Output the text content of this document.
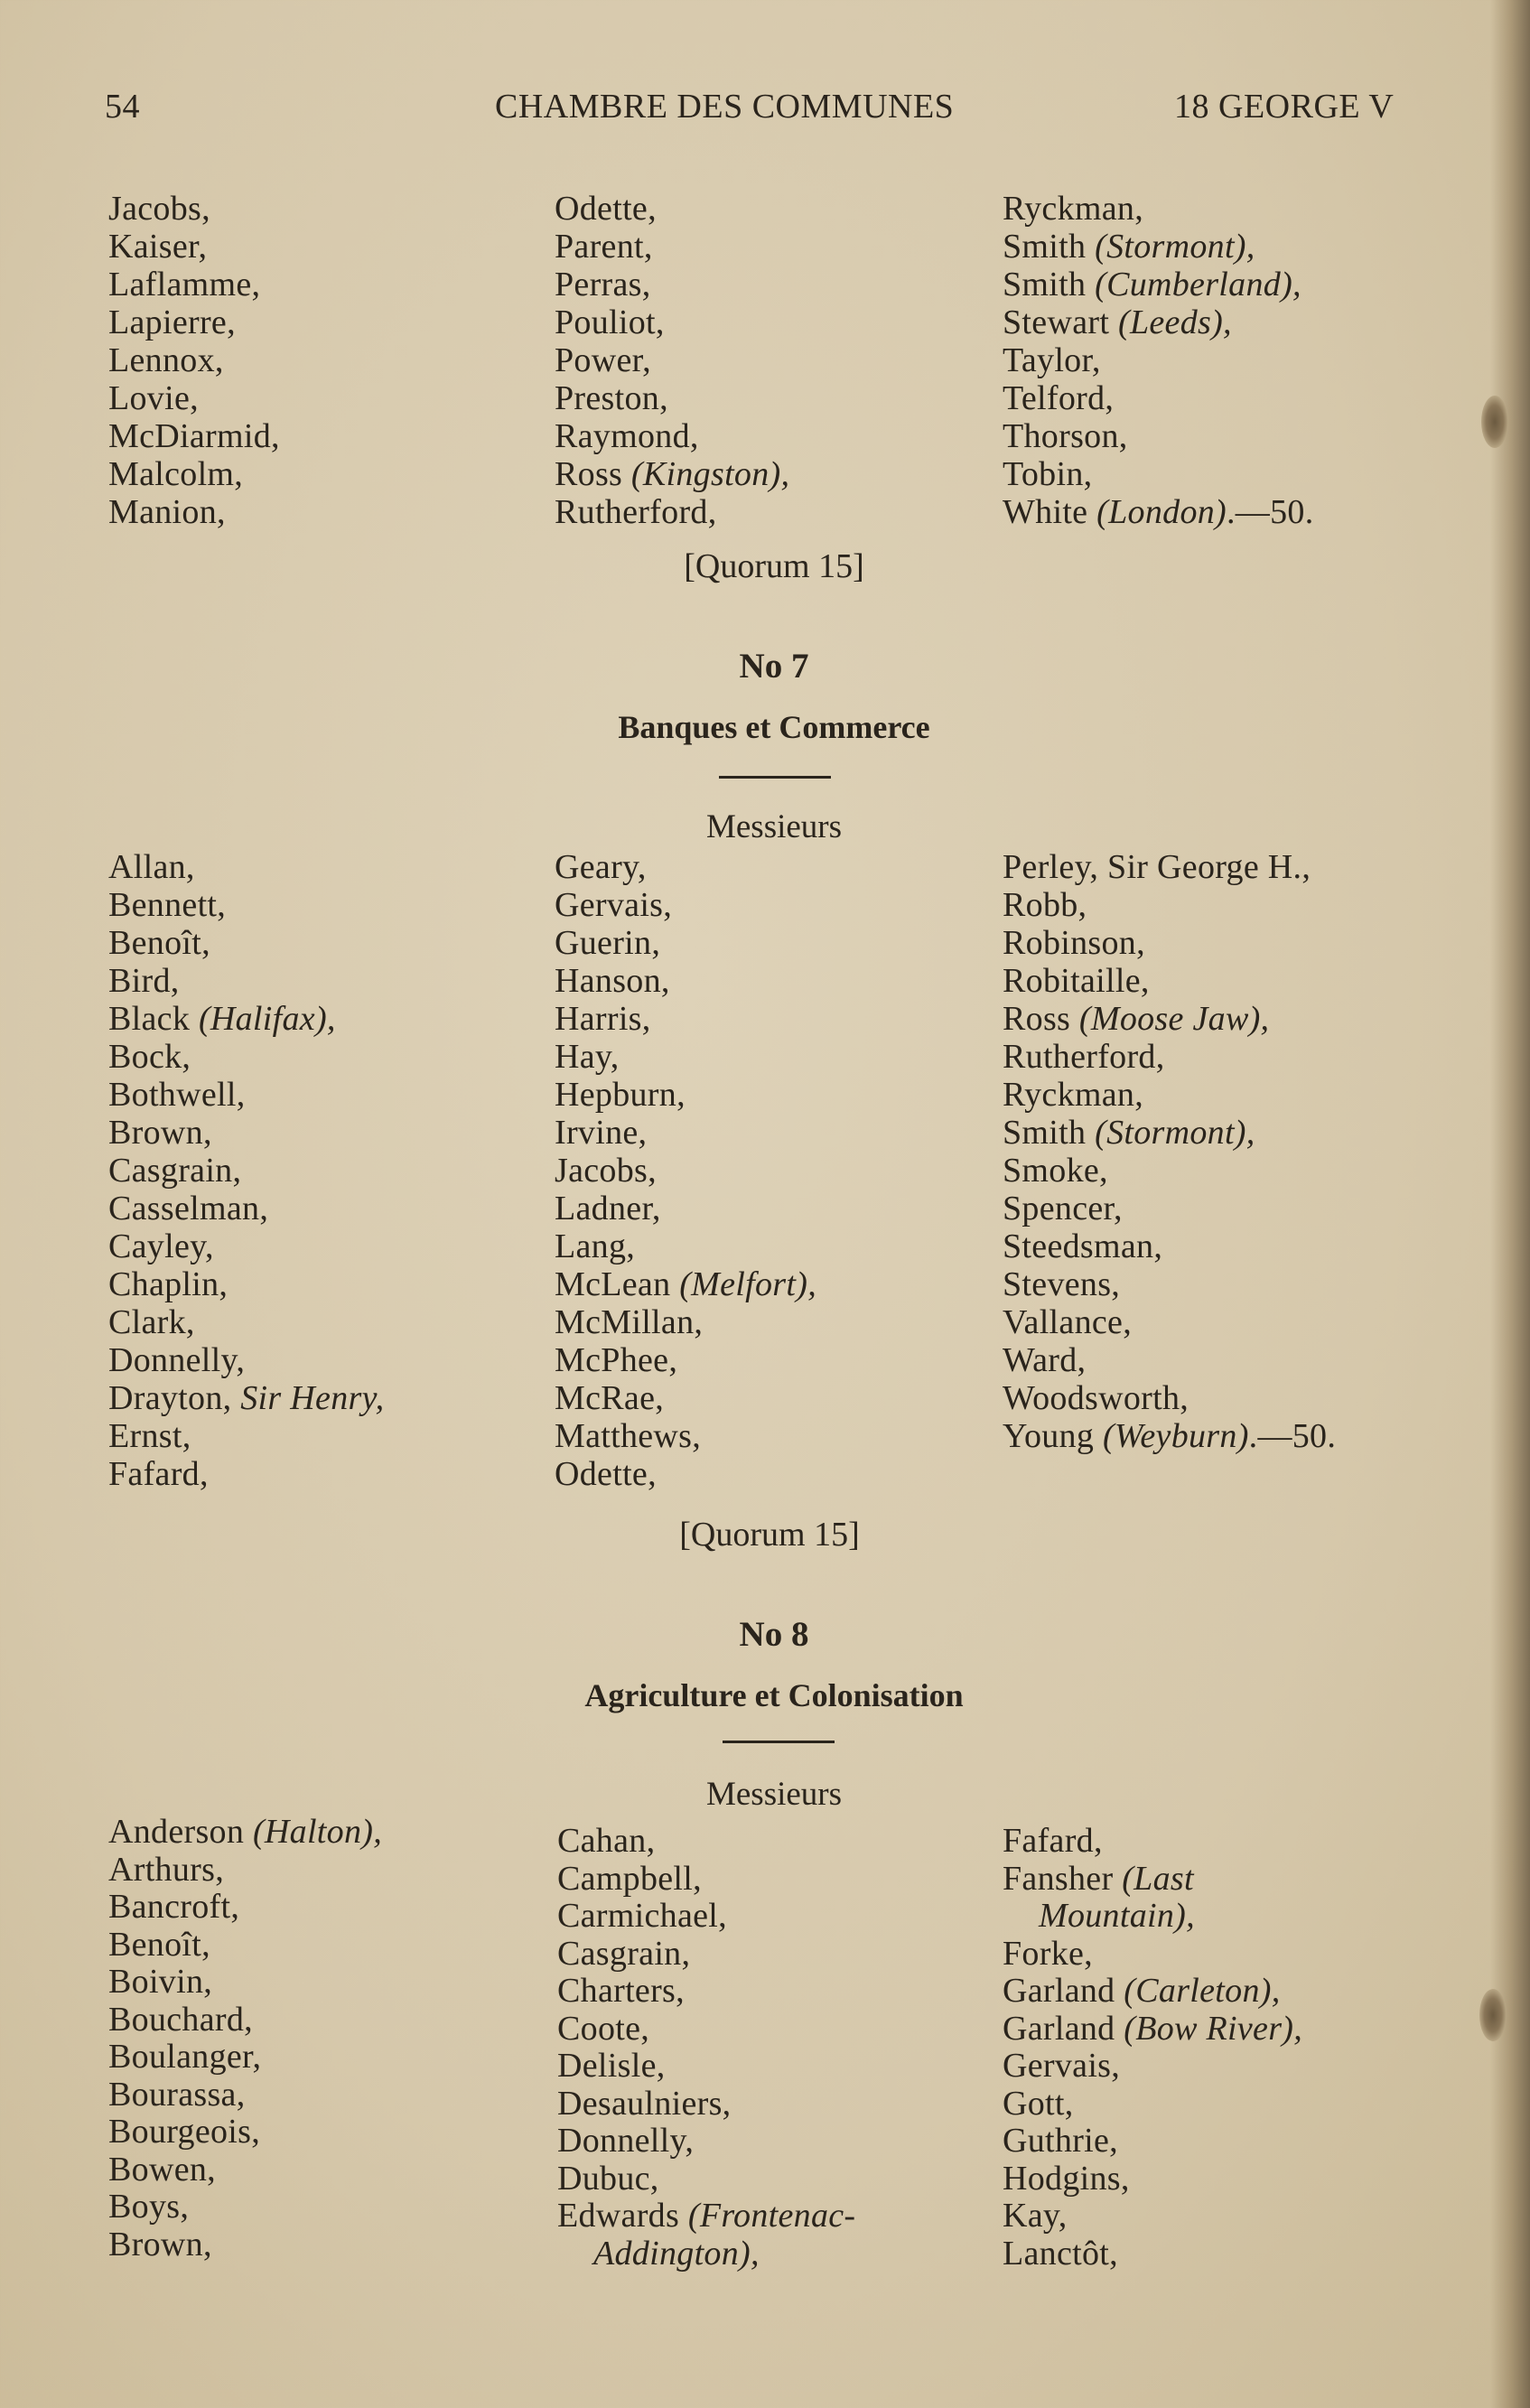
54	CHAMBRE DES COMMUNES	18 GEORGE V
Jacobs,
Kaiser,
Laflamme,
Lapierre,
Lennox,
Lovie,
McDiarmid,
Malcolm,
Manion,
Odette,
Parent,
Perras,
Pouliot,
Power,
Preston,
Raymond,
Ross (Kingston),
Rutherford,
Ryckman,
Smith (Stormont),
Smith (Cumberland),
Stewart (Leeds),
Taylor,
Telford,
Thorson,
Tobin,
White (London).—50.
[Quorum 15]
No 7
Banques et Commerce
Messieurs
Allan,
Bennett,
Benoît,
Bird,
Black (Halifax),
Bock,
Bothwell,
Brown,
Casgrain,
Casselman,
Cayley,
Chaplin,
Clark,
Donnelly,
Drayton, Sir Henry,
Ernst,
Fafard,
Geary,
Gervais,
Guerin,
Hanson,
Harris,
Hay,
Hepburn,
Irvine,
Jacobs,
Ladner,
Lang,
McLean (Melfort),
McMillan,
McPhee,
McRae,
Matthews,
Odette,
Perley, Sir George H.,
Robb,
Robinson,
Robitaille,
Ross (Moose Jaw),
Rutherford,
Ryckman,
Smith (Stormont),
Smoke,
Spencer,
Steedsman,
Stevens,
Vallance,
Ward,
Woodsworth,
Young (Weyburn).—50.
[Quorum 15]
No 8
Agriculture et Colonisation
Messieurs
Anderson (Halton),
Arthurs,
Bancroft,
Benoît,
Boivin,
Bouchard,
Boulanger,
Bourassa,
Bourgeois,
Bowen,
Boys,
Brown,
Cahan,
Campbell,
Carmichael,
Casgrain,
Charters,
Coote,
Delisle,
Desaulniers,
Donnelly,
Dubuc,
Edwards (Frontenac-
Addington),
Fafard,
Fansher (Last
Mountain),
Forke,
Garland (Carleton),
Garland (Bow River),
Gervais,
Gott,
Guthrie,
Hodgins,
Kay,
Lanctôt,
